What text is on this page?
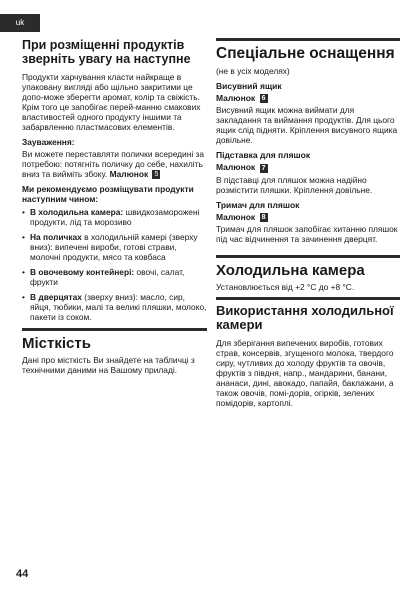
uk
При розміщенні продуктів зверніть увагу на наступне

Продукти харчування класти найкраще в упаковану вигляді або щільно закритими це допо-може зберегти аромат, колір та свіжість.
Крім того це запобігає перей-манню смакових властивостей одного продукту іншими та забарвленню пластмасових елементів.

Зауваження:

Ви можете переставляти полички всередині за потребою: потягніть поличку до себе, нахиліть вниз та вийміть збоку. Малюнок 5

Ми рекомендуємо розміщувати продукти наступним чином:

• В холодильна камера: швидкозаморожені продукти, лід та морозиво
• На поличках в холодильній камері (зверху вниз): випечені вироби, готові страви, молочні продукти, мясо та ковбаса
• В овочевому контейнері: овочі, салат, фрукти
• В дверцятах (зверху вниз): масло, сир, яйця, тюбики, малі та великі пляшки, молоко, пакети із соком.
Місткість

Дані про місткість Ви знайдете на табличці з технічними даними на Вашому приладі.

Спеціальне оснащення

(не в усіх моделях)

Висувний ящик
Малюнок 6

Висувний ящик можна виймати для закладання та виймання продуктів. Для цього ящик слід підняти. Кріплення висувного ящика довільне.

Підставка для пляшок
Малюнок 7

В підставці для пляшок можна надійно розмістити пляшки. Кріплення довільне.

Тримач для пляшок
Малюнок 8

Тримач для пляшок запобігає хитанню пляшок під час відчинення та зачинення дверцят.

Холодильна камера

Установлюється від +2 °C до +8 °C.

Використання холодильної камери

Для зберігання випечених виробів, готових страв, консервів, згущеного молока, твердого сиру, чутливих до холоду фруктів та овочів, фруктів з півдня, напр., мандарини, банани, ананаси, дині, авокадо, папайя, баклажани, а також овочів, помі-дорів, огірків, зелених помідорів, картоплі.

44
